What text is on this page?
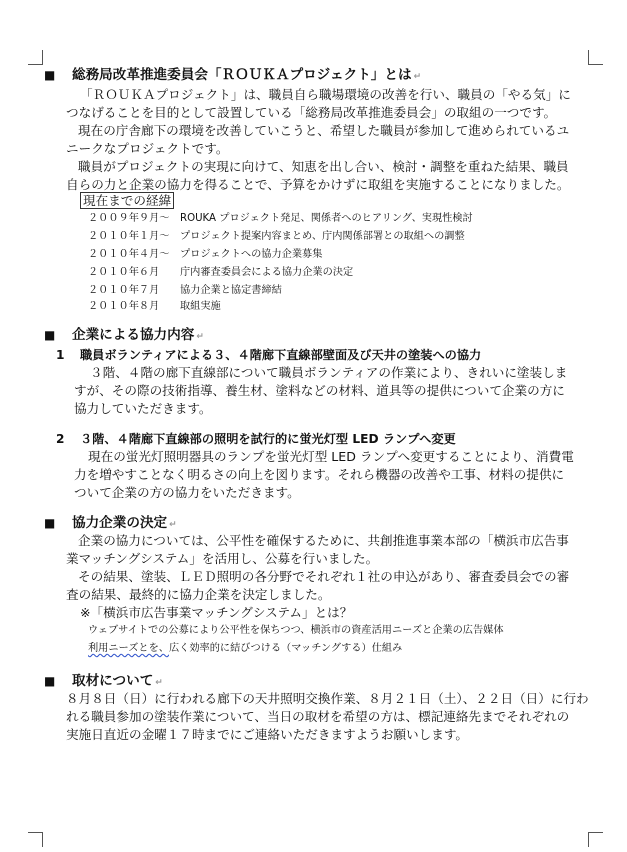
■ 総務局改革推進委員会「ＲＯＵＫＡプロジェクト」とは ↵
「ＲＯＵＫＡプロジェクト」は、職員自ら職場環境の改善を行い、職員の「やる気」に
つなげることを目的として設置している「総務局改革推進委員会」の取組の一つです。
現在の庁舎廊下の環境を改善していこうと、希望した職員が参加して進められているユ
ニークなプロジェクトです。
職員がプロジェクトの実現に向けて、知恵を出し合い、検討・調整を重ねた結果、職員
自らの力と企業の協力を得ることで、予算をかけずに取組を実施することになりました。
現在までの経緯
２００９年９月～ ROUKA プロジェクト発足、関係者へのヒアリング、実現性検討
２０１０年１月～ プロジェクト提案内容まとめ、庁内関係部署との取組への調整
２０１０年４月～ プロジェクトへの協力企業募集
２０１０年６月 庁内審査委員会による協力企業の決定
２０１０年７月 協力企業と協定書締結
２０１０年８月 取組実施
■ 企業による協力内容 ↵
1 職員ボランティアによる３、４階廊下直線部壁面及び天井の塗装への協力
３階、４階の廊下直線部について職員ボランティアの作業により、きれいに塗装しま
すが、その際の技術指導、養生材、塗料などの材料、道具等の提供について企業の方に
協力していただきます。
2 ３階、４階廊下直線部の照明を試行的に蛍光灯型 LED ランプへ変更
現在の蛍光灯照明器具のランプを蛍光灯型 LED ランプへ変更することにより、消費電
力を増やすことなく明るさの向上を図ります。それら機器の改善や工事、材料の提供に
ついて企業の方の協力をいただきます。
■ 協力企業の決定 ↵
企業の協力については、公平性を確保するために、共創推進事業本部の「横浜市広告事
業マッチングシステム」を活用し、公募を行いました。
その結果、塗装、ＬＥＤ照明の各分野でそれぞれ１社の申込があり、審査委員会での審
査の結果、最終的に協力企業を決定しました。
※「横浜市広告事業マッチングシステム」とは？
ウェブサイトでの公募により公平性を保ちつつ、横浜市の資産活用ニーズと企業の広告媒体
利用ニーズとを、広く効率的に結びつける（マッチングする）仕組み
■ 取材について ↵
８月８日（日）に行われる廊下の天井照明交換作業、８月２１日（土）、２２日（日）に行わ
れる職員参加の塗装作業について、当日の取材を希望の方は、標記連絡先までそれぞれの
実施日直近の金曜１７時までにご連絡いただきますようお願いします。
